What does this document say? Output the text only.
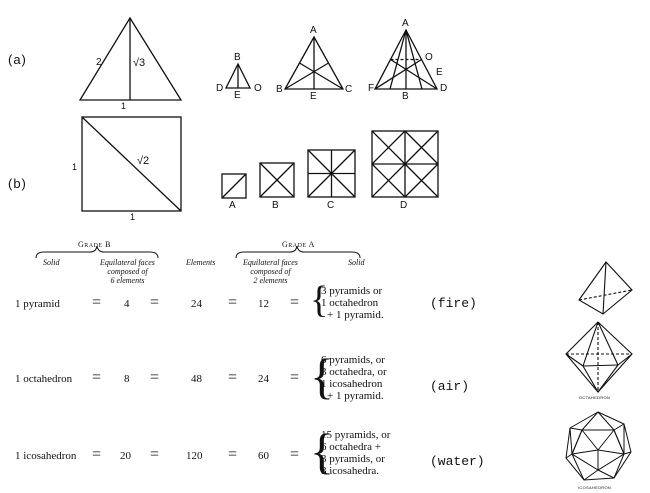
(a)
(b)
2	√3
1
B
D
E
O
A
B
E
C
A
O
E
F
B
D
1	√2
1
A	B	C	D
Grade B	Grade A
Solid	Equilateral faces
composed of
6 elements
Elements	Equilateral faces
composed of
2 elements
Solid
1 pyramid = 4 =	24 = 12 = {
3 pyramids or
1 octahedron
+ 1 pyramid.
(fire)
1 octahedron = 8 =	48 = 24 = {
6 pyramids, or
3 octahedra, or
1 icosahedron
+ 1 pyramid.
(air)
1 icosahedron = 20 = 120 = 60 = {
15 pyramids, or
6 octahedra +
3 pyramids, or
3 icosahedra.
(water)
OCTAHEDRON
ICOSAHEDRON
